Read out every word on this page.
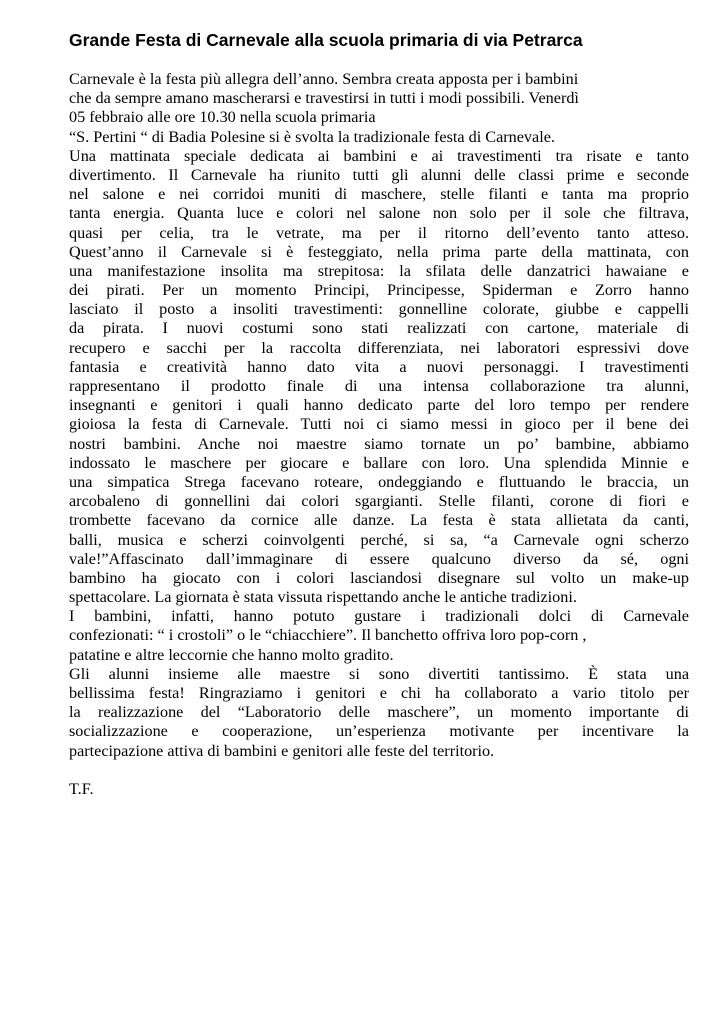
Grande Festa di Carnevale alla scuola primaria di via Petrarca
Carnevale è la festa più allegra dell’anno. Sembra creata apposta per i bambini
che da sempre amano mascherarsi e travestirsi in tutti i modi possibili. Venerdì
05 febbraio alle ore 10.30 nella scuola primaria
“S. Pertini “ di Badia Polesine si è svolta la tradizionale festa di Carnevale.
Una mattinata speciale dedicata ai bambini e ai travestimenti tra risate e tanto
divertimento. Il Carnevale ha riunito tutti gli alunni delle classi prime e seconde
nel salone e nei corridoi muniti di maschere, stelle filanti e tanta ma proprio
tanta energia. Quanta luce e colori nel salone non solo per il sole che filtrava,
quasi per celia, tra le vetrate, ma per il ritorno dell’evento tanto atteso.
Quest’anno il Carnevale si è festeggiato, nella prima parte della mattinata, con
una manifestazione insolita ma strepitosa: la sfilata delle danzatrici hawaiane e
dei pirati. Per un momento Principi, Principesse, Spiderman e Zorro hanno
lasciato il posto a insoliti travestimenti: gonnelline colorate, giubbe e cappelli
da pirata. I nuovi costumi sono stati realizzati con cartone, materiale di
recupero e sacchi per la raccolta differenziata, nei laboratori espressivi dove
fantasia e creatività hanno dato vita a nuovi personaggi. I travestimenti
rappresentano il prodotto finale di una intensa collaborazione tra alunni,
insegnanti e genitori i quali hanno dedicato parte del loro tempo per rendere
gioiosa la festa di Carnevale. Tutti noi ci siamo messi in gioco per il bene dei
nostri bambini. Anche noi maestre siamo tornate un po’ bambine, abbiamo
indossato le maschere per giocare e ballare con loro. Una splendida Minnie e
una simpatica Strega facevano roteare, ondeggiando e fluttuando le braccia, un
arcobaleno di gonnellini dai colori sgargianti. Stelle filanti, corone di fiori e
trombette facevano da cornice alle danze. La festa è stata allietata da canti,
balli, musica e scherzi coinvolgenti perché, si sa, “a Carnevale ogni scherzo
vale!”Affascinato dall’immaginare di essere qualcuno diverso da sé, ogni
bambino ha giocato con i colori lasciandosi disegnare sul volto un make-up
spettacolare. La giornata è stata vissuta rispettando anche le antiche tradizioni.
I bambini, infatti, hanno potuto gustare i tradizionali dolci di Carnevale
confezionati: “ i crostoli” o le “chiacchiere”. Il banchetto offriva loro pop-corn ,
patatine e altre leccornie che hanno molto gradito.
Gli alunni insieme alle maestre si sono divertiti tantissimo. È stata una
bellissima festa! Ringraziamo i genitori e chi ha collaborato a vario titolo per
la realizzazione del “Laboratorio delle maschere”, un momento importante di
socializzazione e cooperazione, un’esperienza motivante per incentivare la
partecipazione attiva di bambini e genitori alle feste del territorio.
T.F.
